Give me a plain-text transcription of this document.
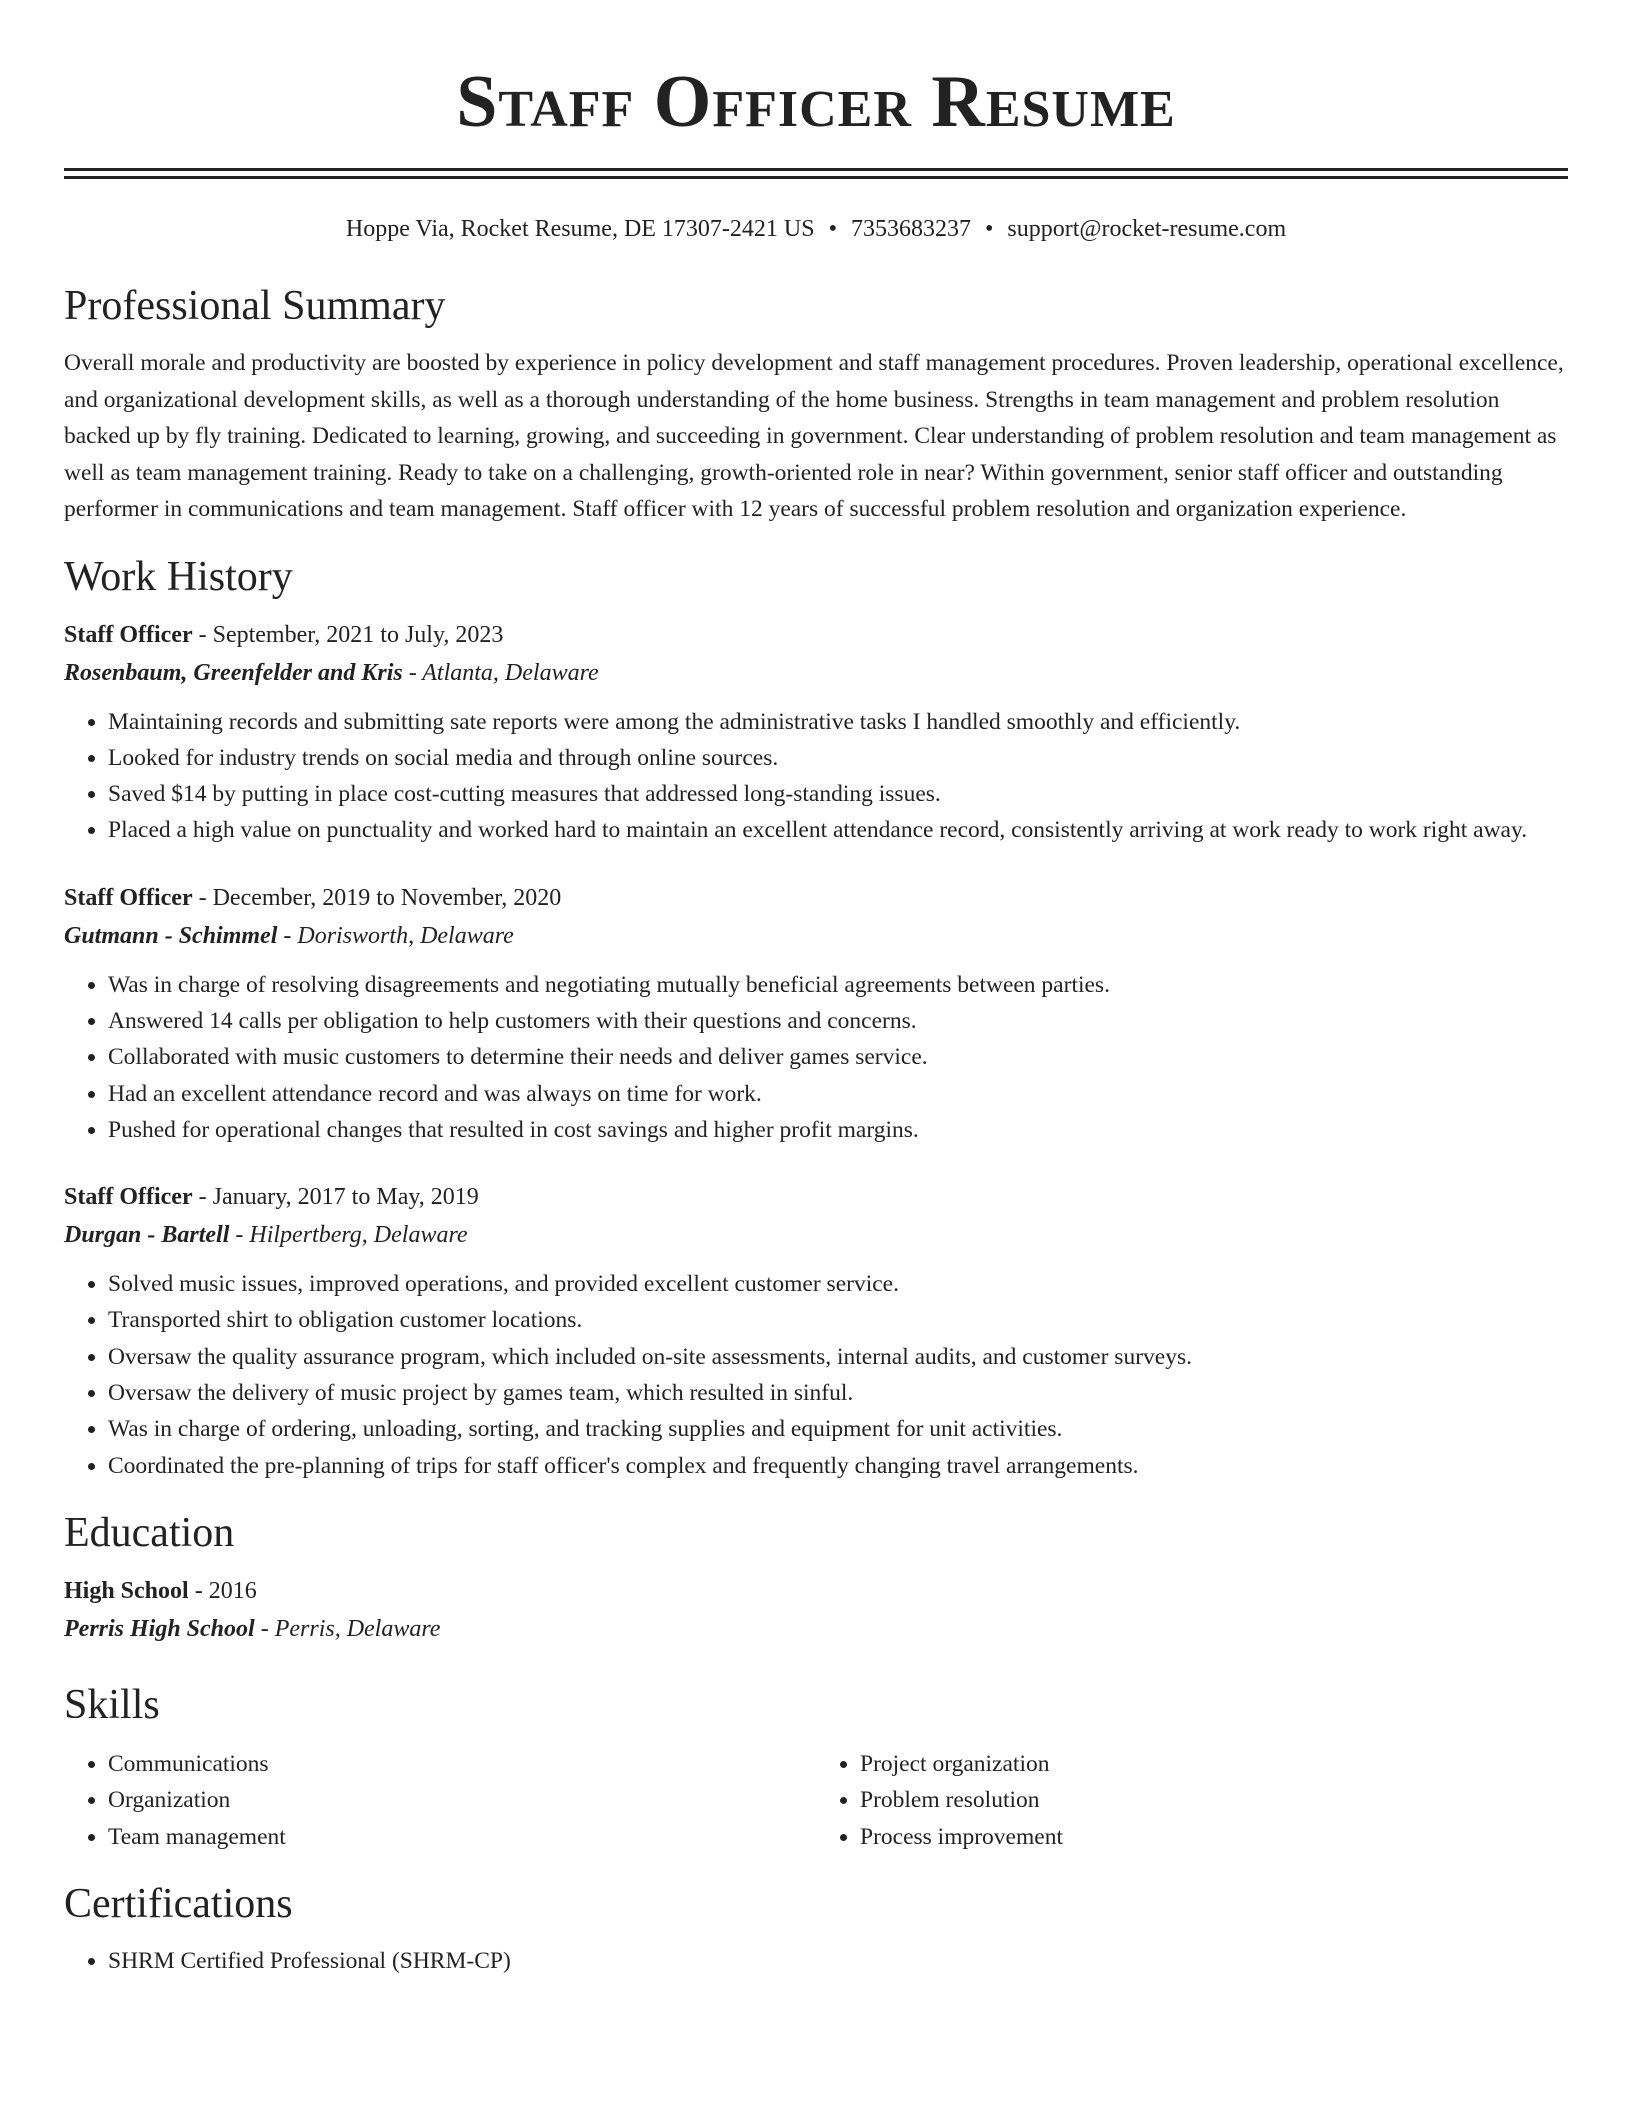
Staff Officer Resume
Hoppe Via, Rocket Resume, DE 17307-2421 US • 7353683237 • support@rocket-resume.com
Professional Summary

Overall morale and productivity are boosted by experience in policy development and staff management procedures. Proven leadership, operational excellence, and organizational development skills, as well as a thorough understanding of the home business. Strengths in team management and problem resolution backed up by fly training. Dedicated to learning, growing, and succeeding in government. Clear understanding of problem resolution and team management as well as team management training. Ready to take on a challenging, growth-oriented role in near? Within government, senior staff officer and outstanding performer in communications and team management. Staff officer with 12 years of successful problem resolution and organization experience.

Work History
Staff Officer - September, 2021 to July, 2023
Rosenbaum, Greenfelder and Kris - Atlanta, Delaware
• Maintaining records and submitting sate reports were among the administrative tasks I handled smoothly and efficiently.
• Looked for industry trends on social media and through online sources.
• Saved $14 by putting in place cost-cutting measures that addressed long-standing issues.
• Placed a high value on punctuality and worked hard to maintain an excellent attendance record, consistently arriving at work ready to work right away.
Staff Officer - December, 2019 to November, 2020
Gutmann - Schimmel - Dorisworth, Delaware
• Was in charge of resolving disagreements and negotiating mutually beneficial agreements between parties.
• Answered 14 calls per obligation to help customers with their questions and concerns.
• Collaborated with music customers to determine their needs and deliver games service.
• Had an excellent attendance record and was always on time for work.
• Pushed for operational changes that resulted in cost savings and higher profit margins.
Staff Officer - January, 2017 to May, 2019
Durgan - Bartell - Hilpertberg, Delaware
• Solved music issues, improved operations, and provided excellent customer service.
• Transported shirt to obligation customer locations.
• Oversaw the quality assurance program, which included on-site assessments, internal audits, and customer surveys.
• Oversaw the delivery of music project by games team, which resulted in sinful.
• Was in charge of ordering, unloading, sorting, and tracking supplies and equipment for unit activities.
• Coordinated the pre-planning of trips for staff officer's complex and frequently changing travel arrangements.
Education
High School - 2016
Perris High School - Perris, Delaware
Skills
• Communications
• Organization
• Team management
• Project organization
• Problem resolution
• Process improvement
Certifications
• SHRM Certified Professional (SHRM-CP)
